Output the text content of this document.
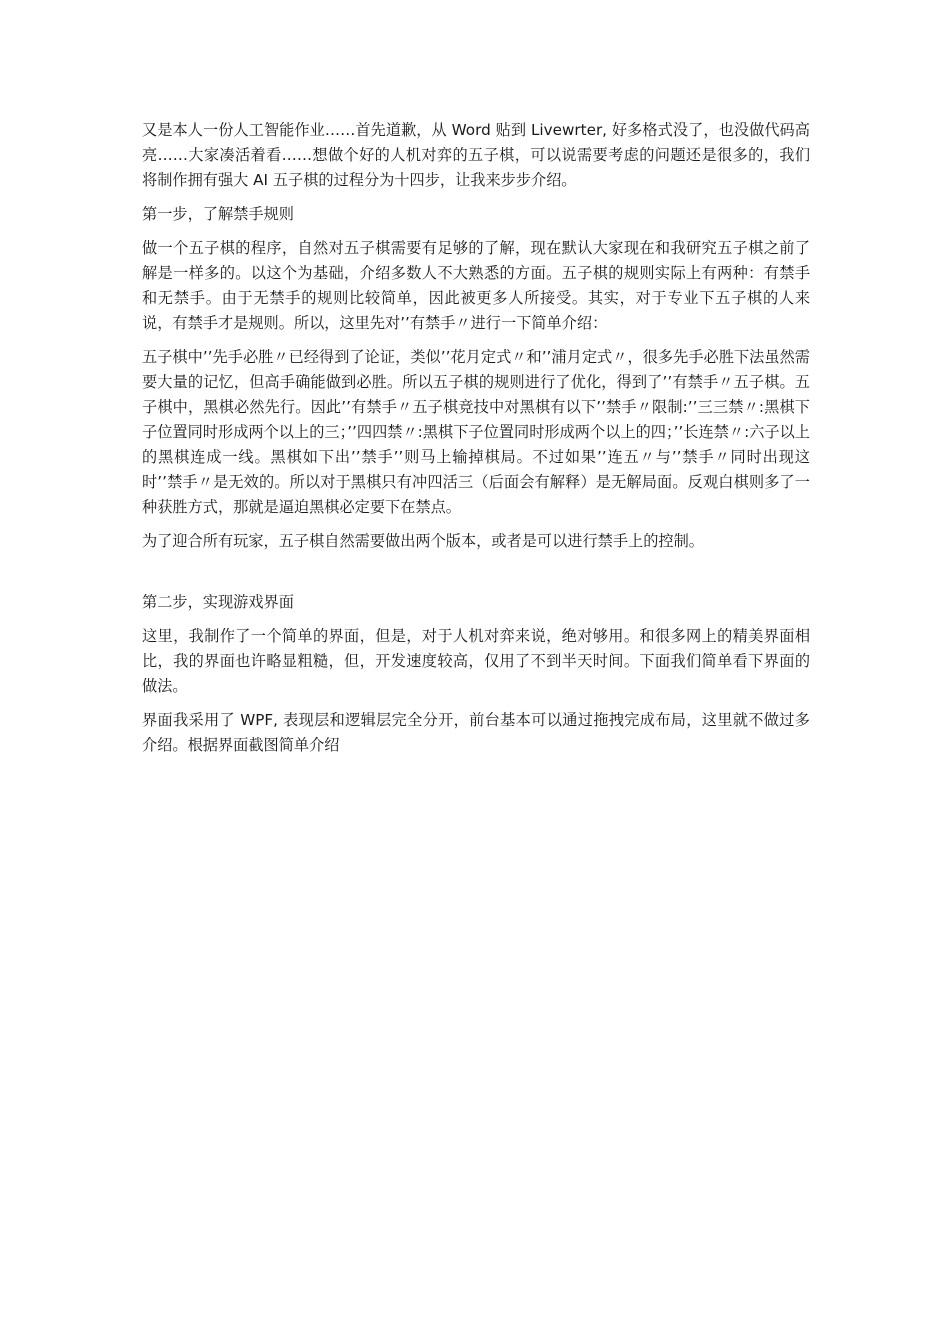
又是本人一份人工智能作业……首先道歉，从 Word 贴到 Livewrter, 好多格式没了，也没做代码高亮……大家凑活着看……想做个好的人机对弈的五子棋，可以说需要考虑的问题还是很多的，我们将制作拥有强大 AI 五子棋的过程分为十四步，让我来步步介绍。

第一步，了解禁手规则

做一个五子棋的程序，自然对五子棋需要有足够的了解，现在默认大家现在和我研究五子棋之前了解是一样多的。以这个为基础，介绍多数人不大熟悉的方面。五子棋的规则实际上有两种：有禁手和无禁手。由于无禁手的规则比较简单，因此被更多人所接受。其实，对于专业下五子棋的人来说，有禁手才是规则。所以，这里先对’’有禁手〃进行一下简单介绍：

五子棋中’’先手必胜〃已经得到了论证，类似’’花月定式〃和’’浦月定式〃，很多先手必胜下法虽然需要大量的记忆，但高手确能做到必胜。所以五子棋的规则进行了优化，得到了’’有禁手〃五子棋。五子棋中，黑棋必然先行。因此’’有禁手〃五子棋竞技中对黑棋有以下’’禁手〃限制:’’三三禁〃:黑棋下子位置同时形成两个以上的三；’’四四禁〃:黑棋下子位置同时形成两个以上的四；’’长连禁〃:六子以上的黑棋连成一线。黑棋如下出’’禁手’’则马上输掉棋局。不过如果’’连五〃与’’禁手〃同时出现这时’’禁手〃是无效的。所以对于黑棋只有冲四活三（后面会有解释）是无解局面。反观白棋则多了一种获胜方式，那就是逼迫黑棋必定要下在禁点。

为了迎合所有玩家，五子棋自然需要做出两个版本，或者是可以进行禁手上的控制。

第二步，实现游戏界面

这里，我制作了一个简单的界面，但是，对于人机对弈来说，绝对够用。和很多网上的精美界面相比，我的界面也许略显粗糙，但，开发速度较高，仅用了不到半天时间。下面我们简单看下界面的做法。

界面我采用了 WPF, 表现层和逻辑层完全分开，前台基本可以通过拖拽完成布局，这里就不做过多介绍。根据界面截图简单介绍
